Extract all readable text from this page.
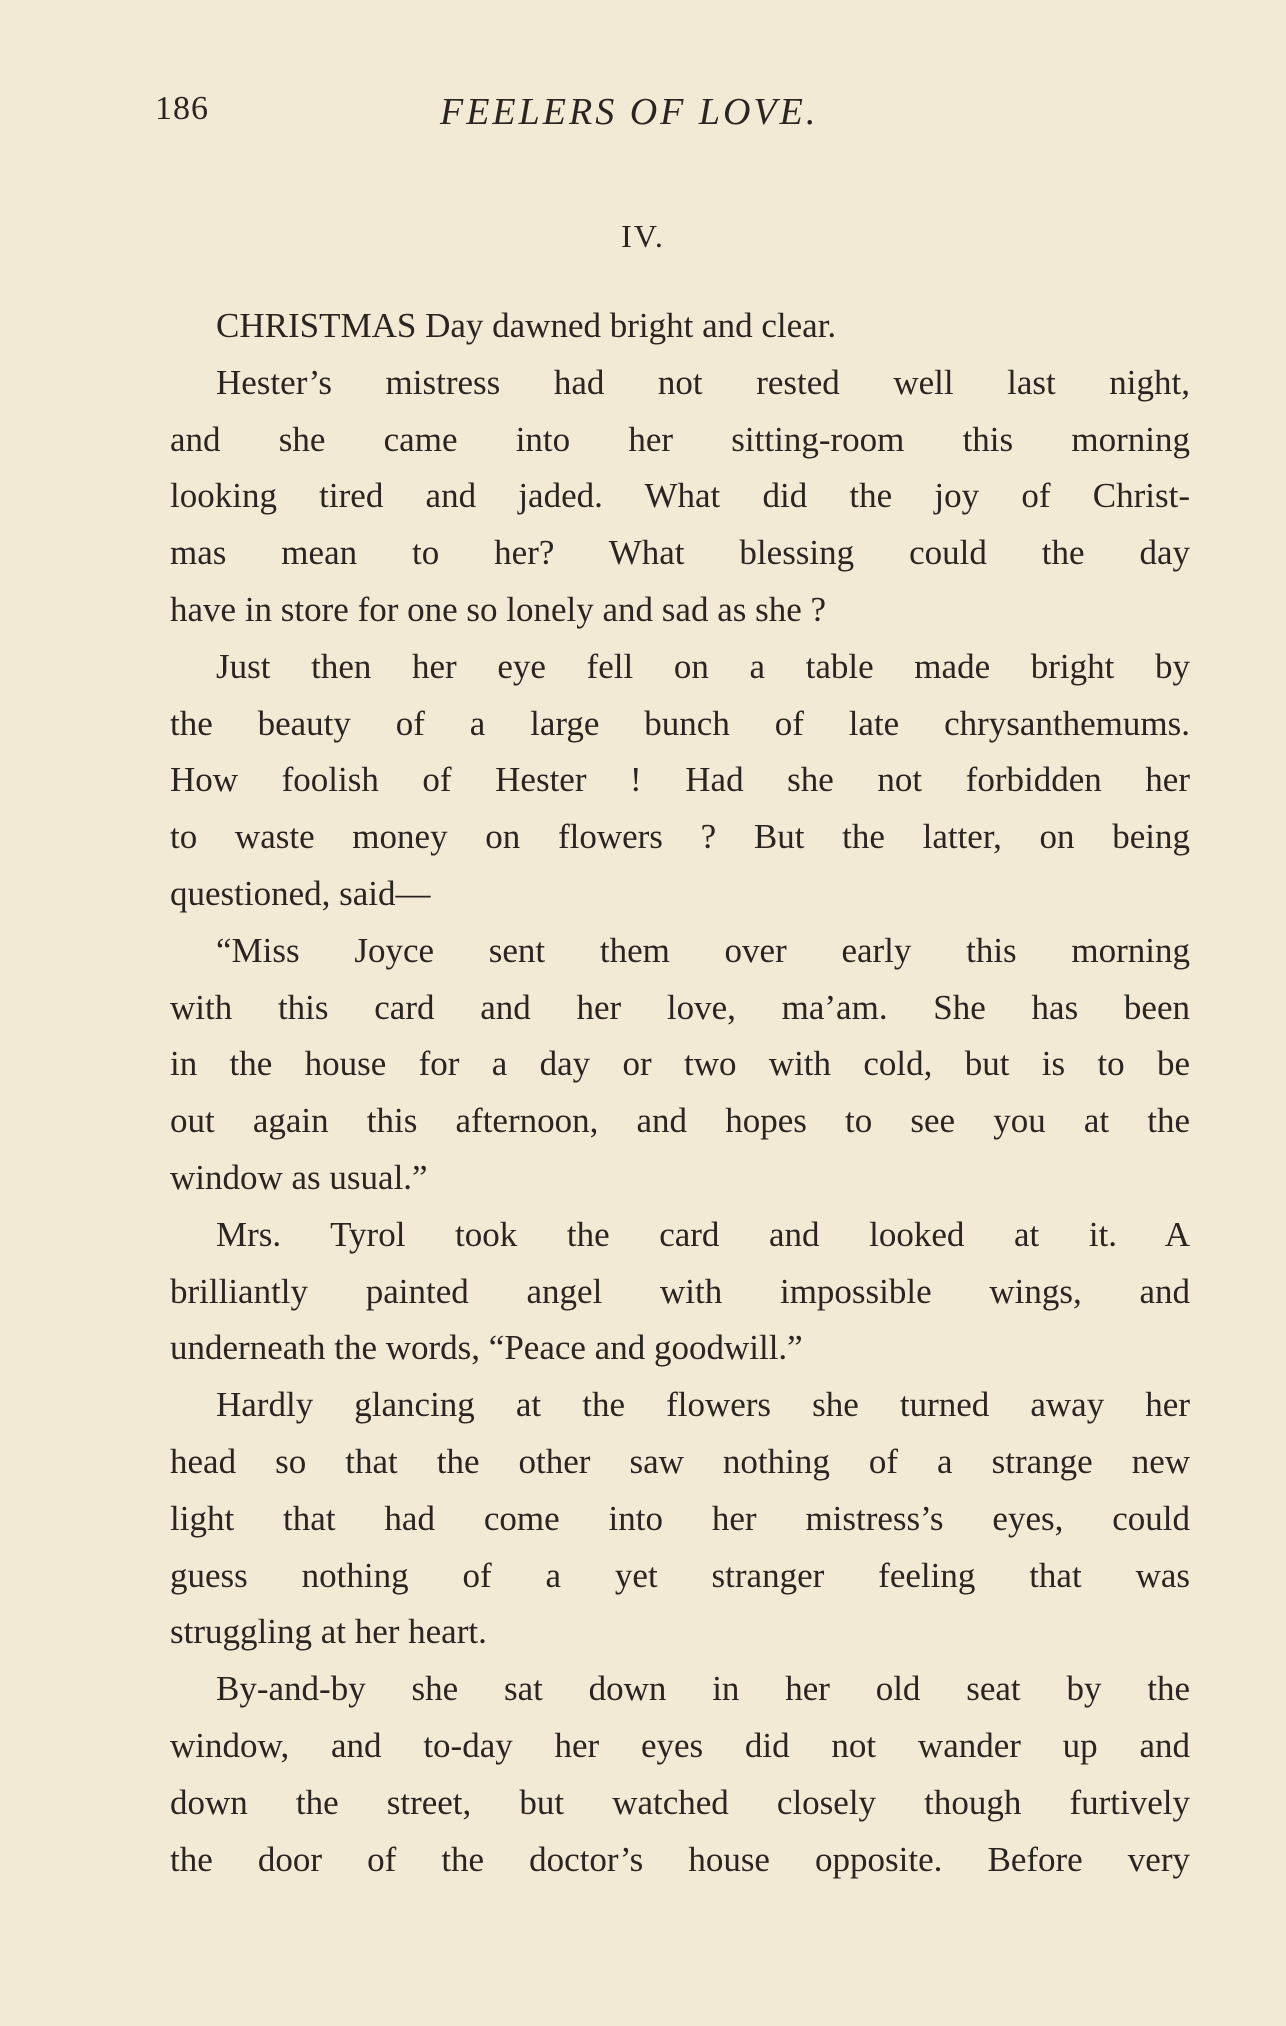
186	FEELERS OF LOVE.
IV.
CHRISTMAS Day dawned bright and clear.
Hester’s mistress had not rested well last night,
and she came into her sitting-room this morning
looking tired and jaded. What did the joy of Christ-
mas mean to her? What blessing could the day
have in store for one so lonely and sad as she ?
Just then her eye fell on a table made bright by
the beauty of a large bunch of late chrysanthemums.
How foolish of Hester ! Had she not forbidden her
to waste money on flowers ? But the latter, on being
questioned, said—
“Miss Joyce sent them over early this morning
with this card and her love, ma’am. She has been
in the house for a day or two with cold, but is to be
out again this afternoon, and hopes to see you at the
window as usual.”
Mrs. Tyrol took the card and looked at it. A
brilliantly painted angel with impossible wings, and
underneath the words, “Peace and goodwill.”
Hardly glancing at the flowers she turned away her
head so that the other saw nothing of a strange new
light that had come into her mistress’s eyes, could
guess nothing of a yet stranger feeling that was
struggling at her heart.
By-and-by she sat down in her old seat by the
window, and to-day her eyes did not wander up and
down the street, but watched closely though furtively
the door of the doctor’s house opposite. Before very
